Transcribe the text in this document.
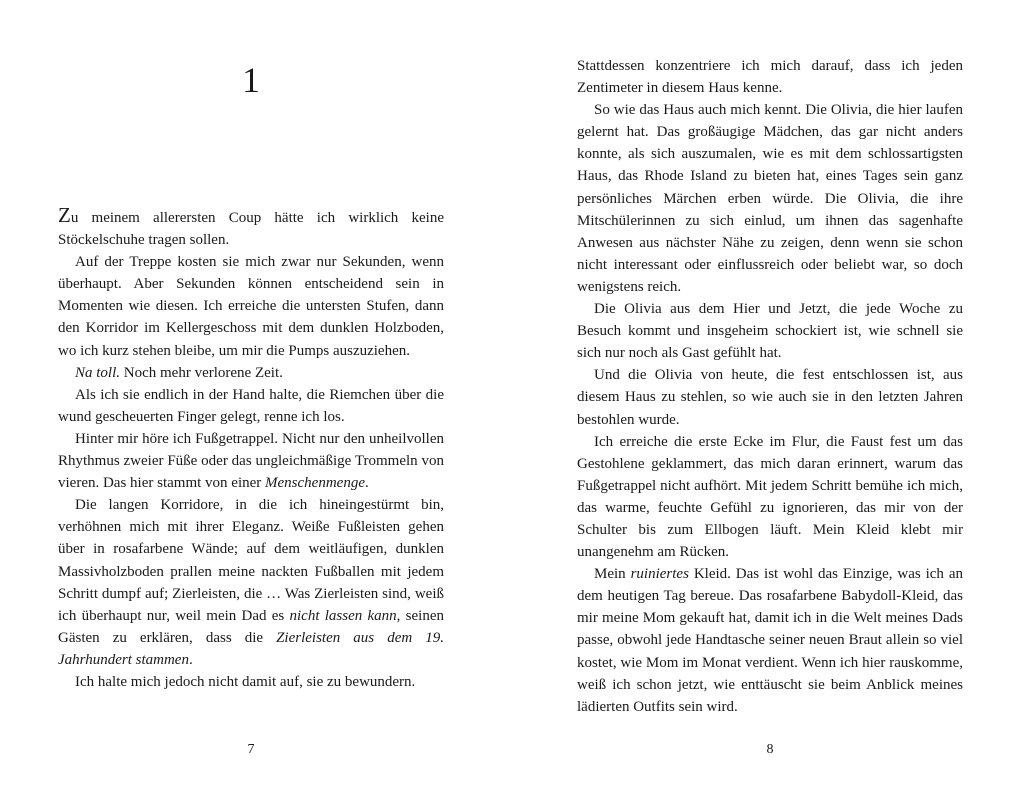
1

Zu meinem allerersten Coup hätte ich wirklich keine Stöckelschuhe tragen sollen.

Auf der Treppe kosten sie mich zwar nur Sekunden, wenn überhaupt. Aber Sekunden können entscheidend sein in Momenten wie diesen. Ich erreiche die untersten Stufen, dann den Korridor im Kellergeschoss mit dem dunklen Holzboden, wo ich kurz stehen bleibe, um mir die Pumps auszuziehen.

Na toll. Noch mehr verlorene Zeit.

Als ich sie endlich in der Hand halte, die Riemchen über die wund gescheuerten Finger gelegt, renne ich los.

Hinter mir höre ich Fußgetrappel. Nicht nur den unheilvollen Rhythmus zweier Füße oder das ungleichmäßige Trommeln von vieren. Das hier stammt von einer Menschenmenge.

Die langen Korridore, in die ich hineingestürmt bin, verhöhnen mich mit ihrer Eleganz. Weiße Fußleisten gehen über in rosafarbene Wände; auf dem weitläufigen, dunklen Massivholzboden prallen meine nackten Fußballen mit jedem Schritt dumpf auf; Zierleisten, die … Was Zierleisten sind, weiß ich überhaupt nur, weil mein Dad es nicht lassen kann, seinen Gästen zu erklären, dass die Zierleisten aus dem 19. Jahrhundert stammen.

Ich halte mich jedoch nicht damit auf, sie zu bewundern.

7

Stattdessen konzentriere ich mich darauf, dass ich jeden Zentimeter in diesem Haus kenne.

So wie das Haus auch mich kennt. Die Olivia, die hier laufen gelernt hat. Das großäugige Mädchen, das gar nicht anders konnte, als sich auszumalen, wie es mit dem schlossartigsten Haus, das Rhode Island zu bieten hat, eines Tages sein ganz persönliches Märchen erben würde. Die Olivia, die ihre Mitschülerinnen zu sich einlud, um ihnen das sagenhafte Anwesen aus nächster Nähe zu zeigen, denn wenn sie schon nicht interessant oder einflussreich oder beliebt war, so doch wenigstens reich.

Die Olivia aus dem Hier und Jetzt, die jede Woche zu Besuch kommt und insgeheim schockiert ist, wie schnell sie sich nur noch als Gast gefühlt hat.

Und die Olivia von heute, die fest entschlossen ist, aus diesem Haus zu stehlen, so wie auch sie in den letzten Jahren bestohlen wurde.

Ich erreiche die erste Ecke im Flur, die Faust fest um das Gestohlene geklammert, das mich daran erinnert, warum das Fußgetrappel nicht aufhört. Mit jedem Schritt bemühe ich mich, das warme, feuchte Gefühl zu ignorieren, das mir von der Schulter bis zum Ellbogen läuft. Mein Kleid klebt mir unangenehm am Rücken.

Mein ruiniertes Kleid. Das ist wohl das Einzige, was ich an dem heutigen Tag bereue. Das rosafarbene Babydoll-Kleid, das mir meine Mom gekauft hat, damit ich in die Welt meines Dads passe, obwohl jede Handtasche seiner neuen Braut allein so viel kostet, wie Mom im Monat verdient. Wenn ich hier rauskomme, weiß ich schon jetzt, wie enttäuscht sie beim Anblick meines lädierten Outfits sein wird.

8
